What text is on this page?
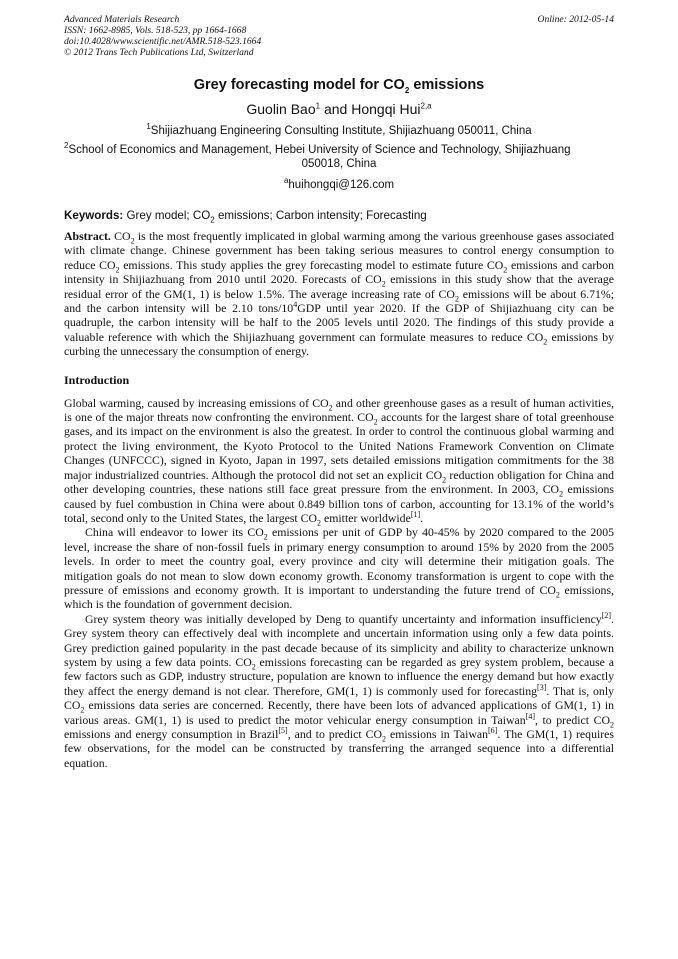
Advanced Materials Research
ISSN: 1662-8985, Vols. 518-523, pp 1664-1668
doi:10.4028/www.scientific.net/AMR.518-523.1664
© 2012 Trans Tech Publications Ltd, Switzerland
Online: 2012-05-14
Grey forecasting model for $CO_2$ emissions
Guolin Bao$^1$ and Hongqi Hui$^{2,a}$
$^1$Shijiazhuang Engineering Consulting Institute, Shijiazhuang 050011, China
$^2$School of Economics and Management, Hebei University of Science and Technology, Shijiazhuang
050018, China
$^a$huihongqi@126.com
Keywords: Grey model; $CO_2$ emissions; Carbon intensity; Forecasting

Abstract. $CO_2$ is the most frequently implicated in global warming among the various greenhouse gases associated with climate change. Chinese government has been taking serious measures to control energy consumption to reduce $CO_2$ emissions. This study applies the grey forecasting model to estimate future $CO_2$ emissions and carbon intensity in Shijiazhuang from 2010 until 2020. Forecasts of $CO_2$ emissions in this study show that the average residual error of the GM(1, 1) is below 1.5%. The average increasing rate of $CO_2$ emissions will be about 6.71%; and the carbon intensity will be 2.10 tons/$10^4GDP$ until year 2020. If the GDP of Shijiazhuang city can be quadruple, the carbon intensity will be half to the 2005 levels until 2020. The findings of this study provide a valuable reference with which the Shijiazhuang government can formulate measures to reduce $CO_2$ emissions by curbing the unnecessary the consumption of energy.

Introduction

Global warming, caused by increasing emissions of $CO_2$ and other greenhouse gases as a result of human activities, is one of the major threats now confronting the environment. $CO_2$ accounts for the largest share of total greenhouse gases, and its impact on the environment is also the greatest. In order to control the continuous global warming and protect the living environment, the Kyoto Protocol to the United Nations Framework Convention on Climate Changes (UNFCCC), signed in Kyoto, Japan in 1997, sets detailed emissions mitigation commitments for the 38 major industrialized countries. Although the protocol did not set an explicit $CO_2$ reduction obligation for China and other developing countries, these nations still face great pressure from the environment. In 2003, $CO_2$ emissions caused by fuel combustion in China were about 0.849 billion tons of carbon, accounting for 13.1% of the world’s total, second only to the United States, the largest $CO_2$ emitter worldwide[1].

China will endeavor to lower its $CO_2$ emissions per unit of GDP by 40-45% by 2020 compared to the 2005 level, increase the share of non-fossil fuels in primary energy consumption to around 15% by 2020 from the 2005 levels. In order to meet the country goal, every province and city will determine their mitigation goals. The mitigation goals do not mean to slow down economy growth. Economy transformation is urgent to cope with the pressure of emissions and economy growth. It is important to understanding the future trend of $CO_2$ emissions, which is the foundation of government decision.

Grey system theory was initially developed by Deng to quantify uncertainty and information insufficiency[2]. Grey system theory can effectively deal with incomplete and uncertain information using only a few data points. Grey prediction gained popularity in the past decade because of its simplicity and ability to characterize unknown system by using a few data points. $CO_2$ emissions forecasting can be regarded as grey system problem, because a few factors such as GDP, industry structure, population are known to influence the energy demand but how exactly they affect the energy demand is not clear. Therefore, GM(1, 1) is commonly used for forecasting[3]. That is, only $CO_2$ emissions data series are concerned. Recently, there have been lots of advanced applications of GM(1, 1) in various areas. GM(1, 1) is used to predict the motor vehicular energy consumption in Taiwan[4], to predict $CO_2$ emissions and energy consumption in Brazil[5], and to predict $CO_2$ emissions in Taiwan[6]. The GM(1, 1) requires few observations, for the model can be constructed by transferring the arranged sequence into a differential equation.
